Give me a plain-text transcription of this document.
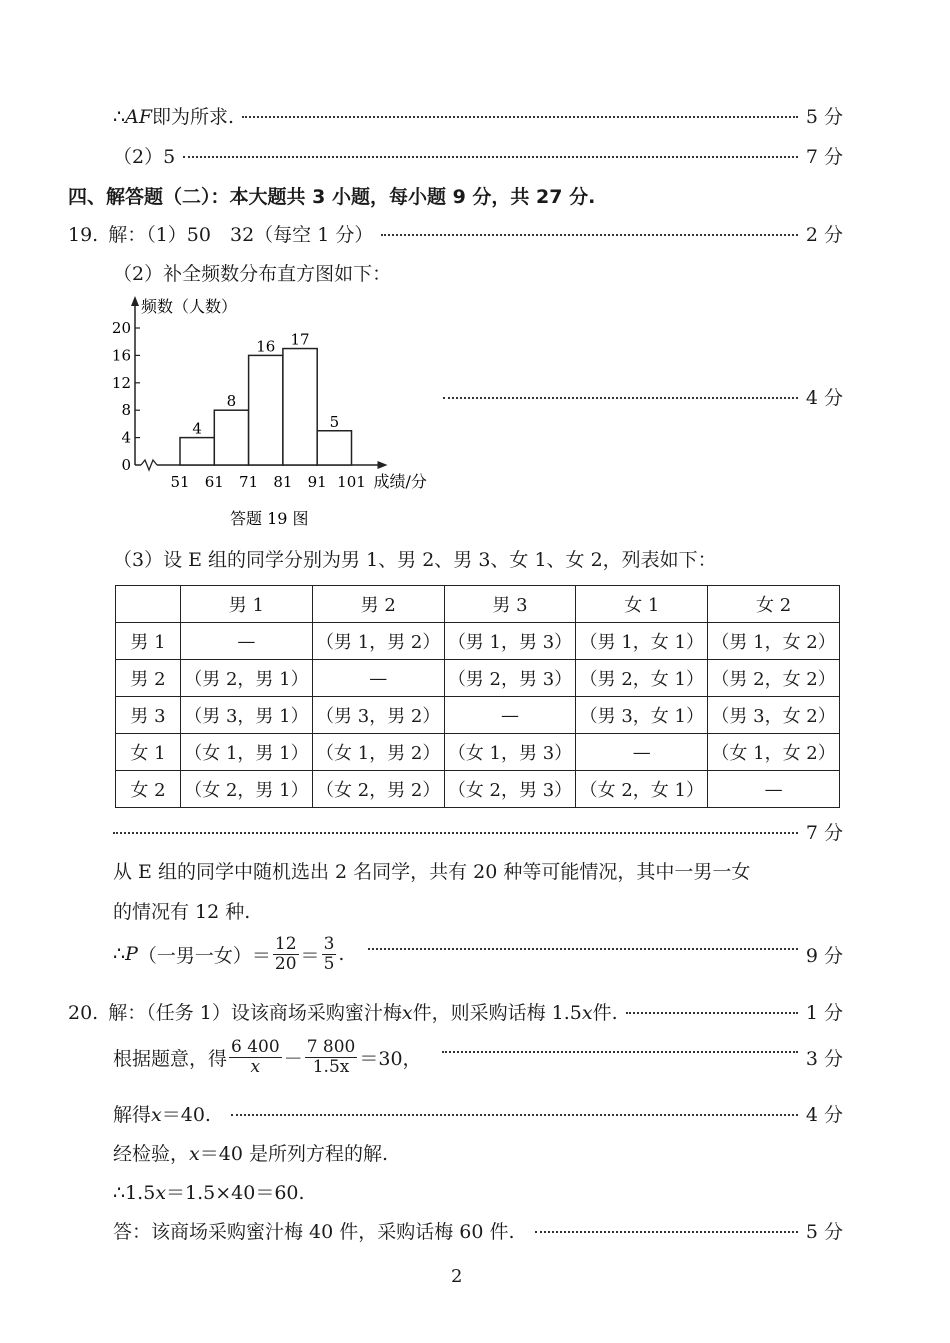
∴ AF 即为所求.	5 分
（2）5	7 分
四、解答题（二）：本大题共 3 小题，每小题 9 分，共 27 分.
19. 解：（1）50　32（每空 1 分）	2 分
（2）补全频数分布直方图如下：
0
4
8
12
16
20
4
8
16 17
5
51 61 71 81 91 101 成绩/分
频数（人数）
答题 19 图
4 分
（3）设 E 组的同学分别为男 1、男 2、男 3、女 1、女 2，列表如下：
	男 1	男 2	男 3	女 1	女 2
男 1	—	（男 1，男 2）	（男 1，男 3）	（男 1，女 1）	（男 1，女 2）
男 2	（男 2，男 1）	—	（男 2，男 3）	（男 2，女 1）	（男 2，女 2）
男 3	（男 3，男 1）	（男 3，男 2）	—	（男 3，女 1）	（男 3，女 2）
女 1	（女 1，男 1）	（女 1，男 2）	（女 1，男 3）	—	（女 1，女 2）
女 2	（女 2，男 1）	（女 2，男 2）	（女 2，男 3）	（女 2，女 1）	—
7 分
从 E 组的同学中随机选出 2 名同学，共有 20 种等可能情况，其中一男一女
的情况有 12 种.
∴ P （一男一女）＝ $\frac{12}{20} = \frac{3}{5}$ .	9 分
20. 解：（任务 1）设该商场采购蜜汁梅 x 件，则采购话梅 1.5 x 件.	1 分
根据题意，得 $\frac{6 400}{x} - \frac{7 800}{1.5x} =30$，	3 分
解得 x ＝40.	4 分
经检验， x ＝40 是所列方程的解.
∴ 1.5 x ＝1.5×40＝60.
答：该商场采购蜜汁梅 40 件，采购话梅 60 件.	5 分
2
